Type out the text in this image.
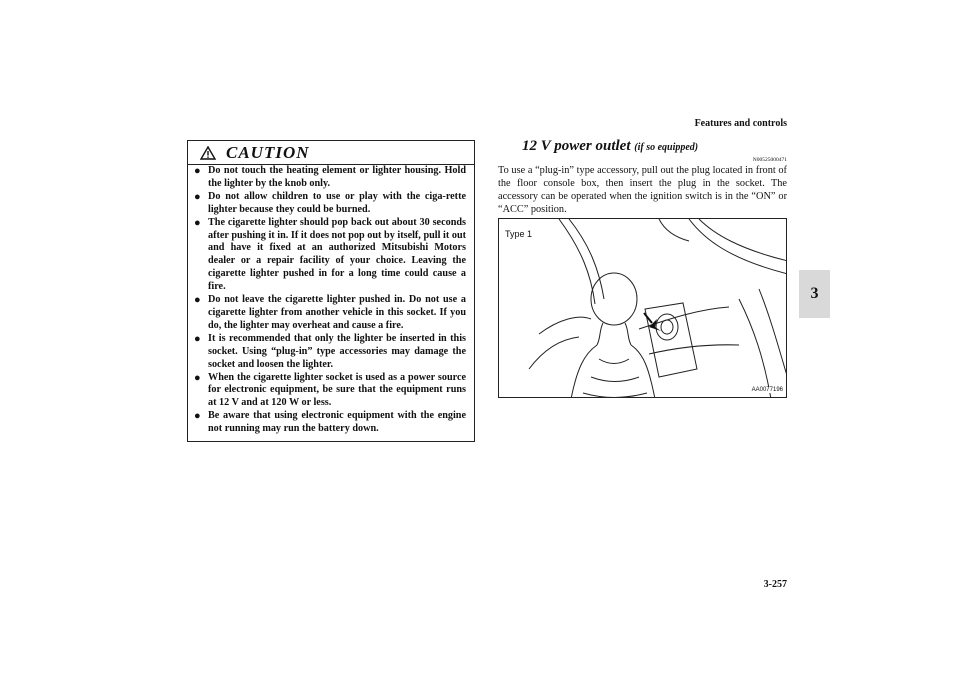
Features and controls
3
CAUTION
● Do not touch the heating element or lighter housing. Hold the lighter by the knob only.
● Do not allow children to use or play with the ciga-rette lighter because they could be burned.
● The cigarette lighter should pop back out about 30 seconds after pushing it in. If it does not pop out by itself, pull it out and have it fixed at an authorized Mitsubishi Motors dealer or a repair facility of your choice. Leaving the cigarette lighter pushed in for a long time could cause a fire.
● Do not leave the cigarette lighter pushed in. Do not use a cigarette lighter from another vehicle in this socket. If you do, the lighter may overheat and cause a fire.
● It is recommended that only the lighter be inserted in this socket. Using “plug-in” type accessories may damage the socket and loosen the lighter.
● When the cigarette lighter socket is used as a power source for electronic equipment, be sure that the equipment runs at 12 V and at 120 W or less.
● Be aware that using electronic equipment with the engine not running may run the battery down.
12 V power outlet (if so equipped)
N00525000471

To use a “plug-in” type accessory, pull out the plug located in front of the floor console box, then insert the plug in the socket. The accessory can be operated when the ignition switch is in the “ON” or “ACC” position.

Type 1
AA0077196
3-257
